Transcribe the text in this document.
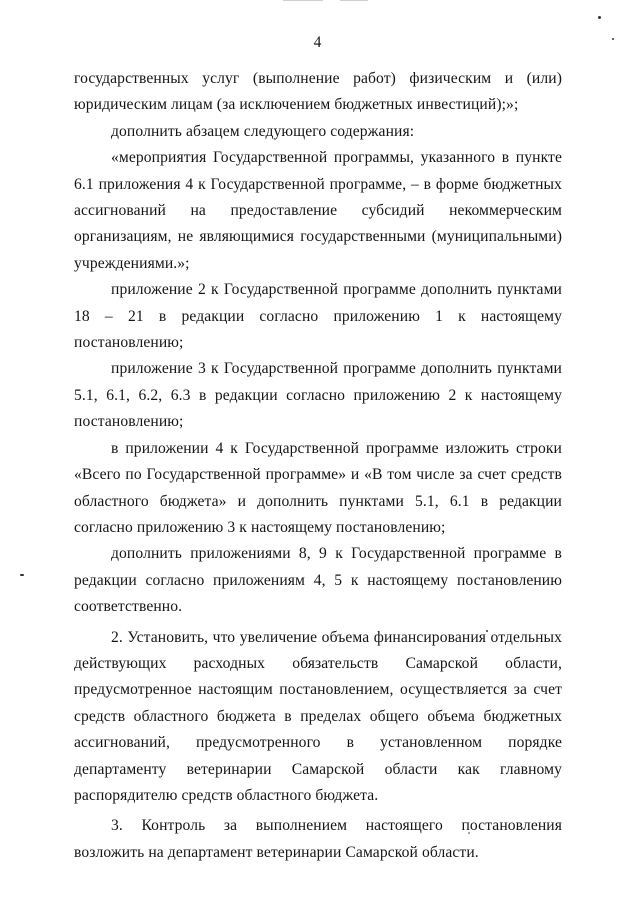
4

государственных услуг (выполнение работ) физическим и (или) юридическим лицам (за исключением бюджетных инвестиций);»;

дополнить абзацем следующего содержания:

«мероприятия Государственной программы, указанного в пункте 6.1 приложения 4 к Государственной программе, – в форме бюджетных ассигнований на предоставление субсидий некоммерческим организациям, не являющимися государственными (муниципальными) учреждениями.»;

приложение 2 к Государственной программе дополнить пунктами 18 – 21 в редакции согласно приложению 1 к настоящему постановлению;

приложение 3 к Государственной программе дополнить пунктами 5.1, 6.1, 6.2, 6.3 в редакции согласно приложению 2 к настоящему постановлению;

в приложении 4 к Государственной программе изложить строки «Всего по Государственной программе» и «В том числе за счет средств областного бюджета» и дополнить пунктами 5.1, 6.1 в редакции согласно приложению 3 к настоящему постановлению;

дополнить приложениями 8, 9 к Государственной программе в редакции согласно приложениям 4, 5 к настоящему постановлению соответственно.

2. Установить, что увеличение объема финансирования отдельных действующих расходных обязательств Самарской области, предусмотренное настоящим постановлением, осуществляется за счет средств областного бюджета в пределах общего объема бюджетных ассигнований, предусмотренного в установленном порядке департаменту ветеринарии Самарской области как главному распорядителю средств областного бюджета.

3. Контроль за выполнением настоящего постановления возложить на департамент ветеринарии Самарской области.
